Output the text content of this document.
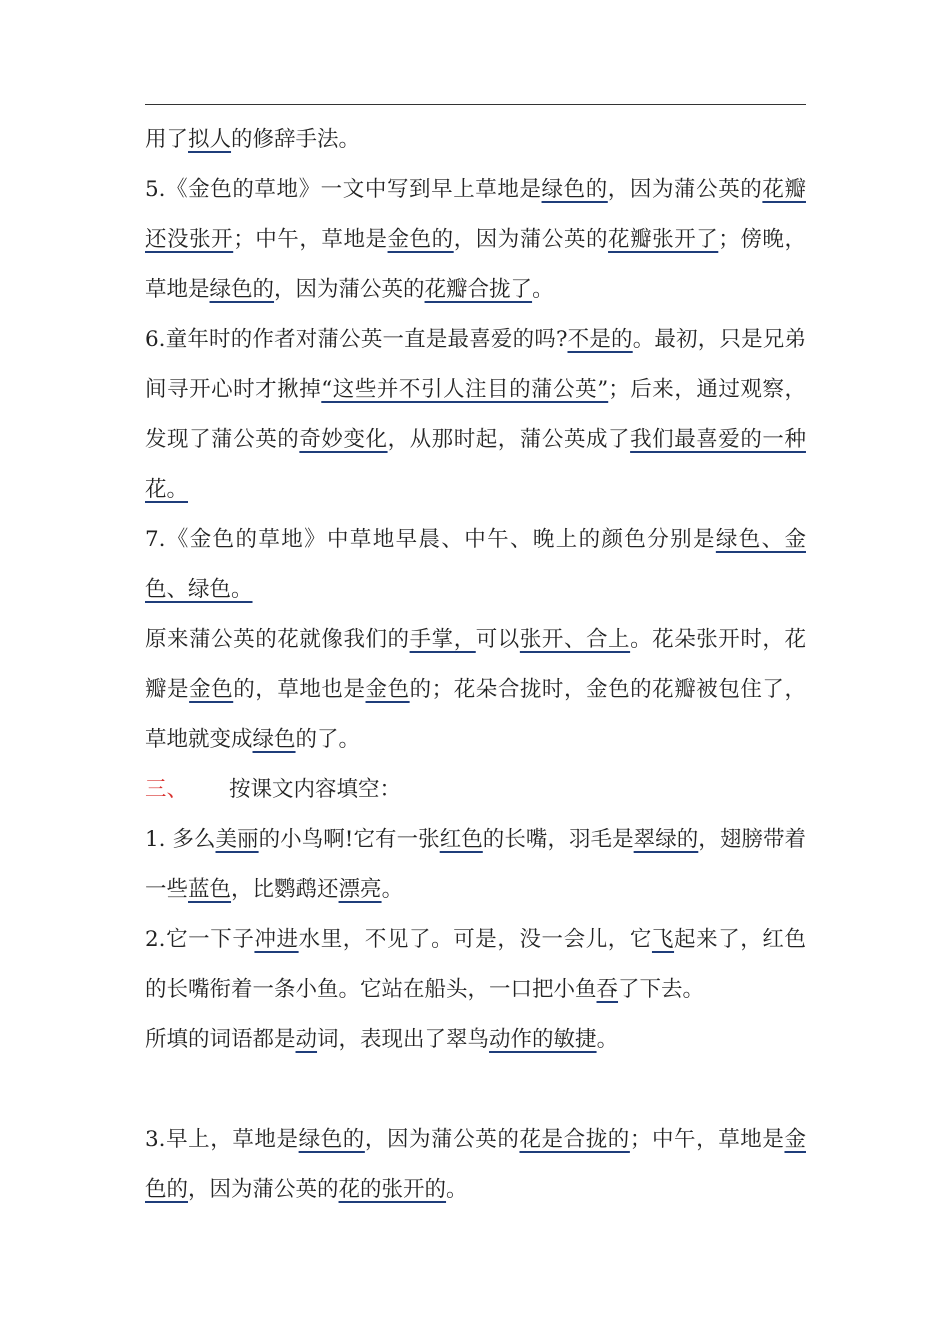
用了拟人的修辞手法。

5.《金色的草地》一文中写到早上草地是绿色的，因为蒲公英的花瓣还没张开；中午，草地是金色的，因为蒲公英的花瓣张开了；傍晚，草地是绿色的，因为蒲公英的花瓣合拢了。

6.童年时的作者对蒲公英一直是最喜爱的吗?不是的。最初，只是兄弟间寻开心时才揪掉“这些并不引人注目的蒲公英”；后来，通过观察，发现了蒲公英的奇妙变化，从那时起，蒲公英成了我们最喜爱的一种花。

7.《金色的草地》中草地早晨、中午、晚上的颜色分别是绿色、金色、绿色。

原来蒲公英的花就像我们的手掌，可以张开、合上。花朵张开时，花瓣是金色的，草地也是金色的；花朵合拢时，金色的花瓣被包住了，草地就变成绿色的了。

三、      按课文内容填空：

1. 多么美丽的小鸟啊!它有一张红色的长嘴，羽毛是翠绿的，翅膀带着一些蓝色，比鹦鹉还漂亮。

2.它一下子冲进水里，不见了。可是，没一会儿，它飞起来了，红色的长嘴衔着一条小鱼。它站在船头，一口把小鱼吞了下去。

所填的词语都是动词，表现出了翠鸟动作的敏捷。

3.早上，草地是绿色的，因为蒲公英的花是合拢的；中午，草地是金色的，因为蒲公英的花的张开的。
